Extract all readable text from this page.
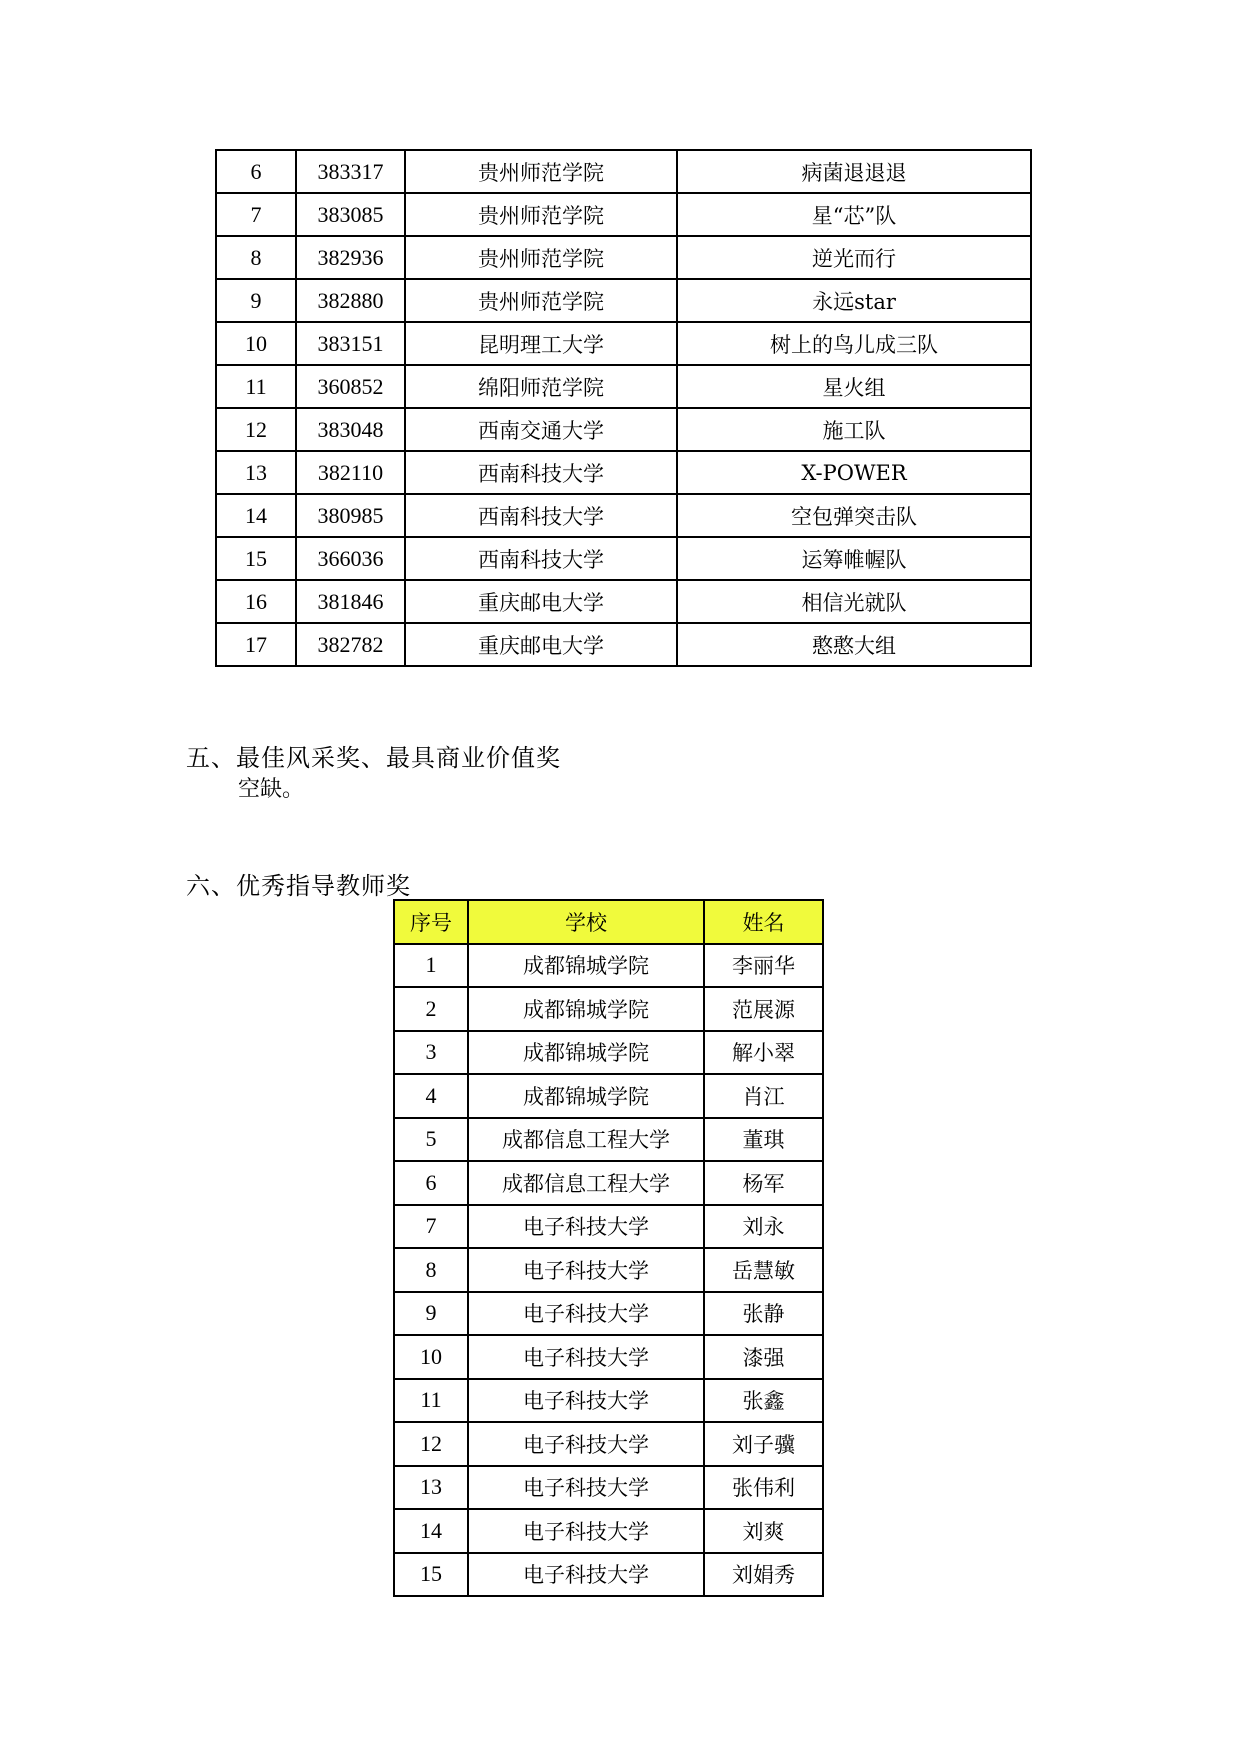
6	383317	贵州师范学院	病菌退退退
7	383085	贵州师范学院	星“芯”队
8	382936	贵州师范学院	逆光而行
9	382880	贵州师范学院	永远star
10	383151	昆明理工大学	树上的鸟儿成三队
11	360852	绵阳师范学院	星火组
12	383048	西南交通大学	施工队
13	382110	西南科技大学	X-POWER
14	380985	西南科技大学	空包弹突击队
15	366036	西南科技大学	运筹帷幄队
16	381846	重庆邮电大学	相信光就队
17	382782	重庆邮电大学	憨憨大组
五、最佳风采奖、最具商业价值奖
空缺。
六、优秀指导教师奖
序号	学校	姓名
1	成都锦城学院	李丽华
2	成都锦城学院	范展源
3	成都锦城学院	解小翠
4	成都锦城学院	肖江
5	成都信息工程大学	董琪
6	成都信息工程大学	杨军
7	电子科技大学	刘永
8	电子科技大学	岳慧敏
9	电子科技大学	张静
10	电子科技大学	漆强
11	电子科技大学	张鑫
12	电子科技大学	刘子骥
13	电子科技大学	张伟利
14	电子科技大学	刘爽
15	电子科技大学	刘娟秀
